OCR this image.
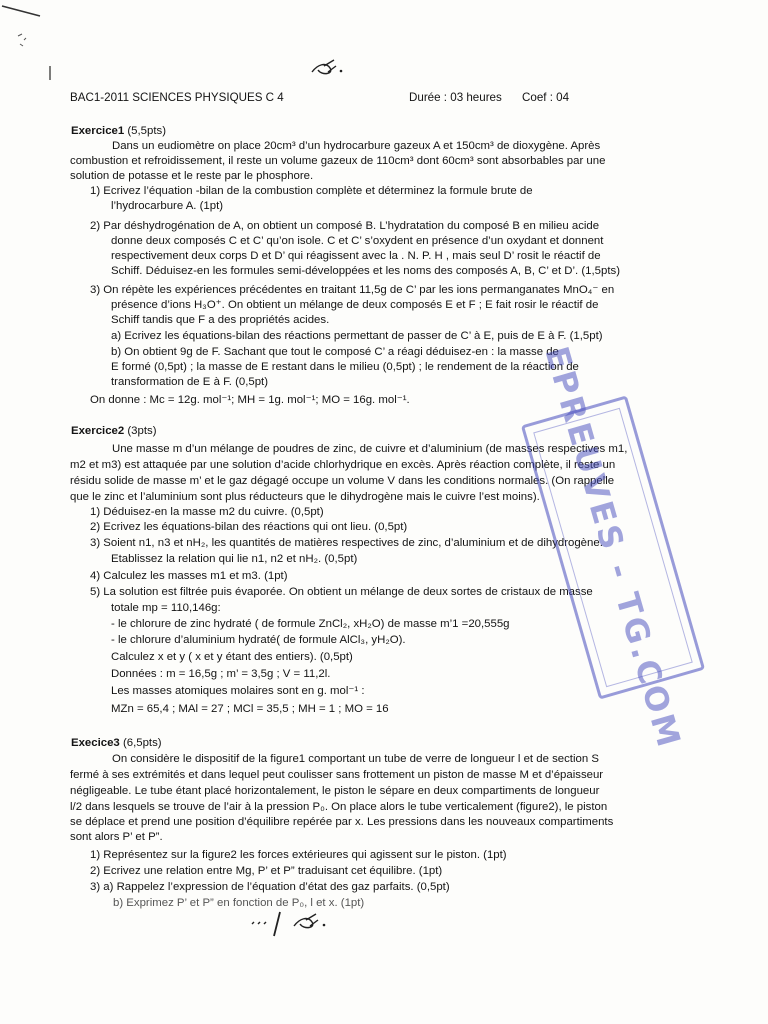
BAC1-2011 SCIENCES PHYSIQUES C 4	Durée : 03 heures Coef : 04
Exercice1 (5,5pts)
Dans un eudiomètre on place 20cm³ d’un hydrocarbure gazeux A et 150cm³ de dioxygène. Après
combustion et refroidissement, il reste un volume gazeux de 110cm³ dont 60cm³ sont absorbables par une
solution de potasse et le reste par le phosphore.
1) Ecrivez l’équation -bilan de la combustion complète et déterminez la formule brute de
l’hydrocarbure A. (1pt)
2) Par déshydrogénation de A, on obtient un composé B. L’hydratation du composé B en milieu acide
donne deux composés C et C’ qu’on isole. C et C’ s’oxydent en présence d’un oxydant et donnent
respectivement deux corps D et D’ qui réagissent avec la . N. P. H , mais seul D’ rosit le réactif de
Schiff. Déduisez-en les formules semi-développées et les noms des composés A, B, C’ et D’. (1,5pts)
3) On répète les expériences précédentes en traitant 11,5g de C’ par les ions permanganates MnO₄⁻ en
présence d’ions H₃O⁺. On obtient un mélange de deux composés E et F ; E fait rosir le réactif de
Schiff tandis que F a des propriétés acides.
a) Ecrivez les équations-bilan des réactions permettant de passer de C’ à E, puis de E à F. (1,5pt)
b) On obtient 9g de F. Sachant que tout le composé C’ a réagi déduisez-en : la masse de
E formé (0,5pt) ; la masse de E restant dans le milieu (0,5pt) ; le rendement de la réaction de
transformation de E à F. (0,5pt)
On donne : Mc = 12g. mol⁻¹; MH = 1g. mol⁻¹; MO = 16g. mol⁻¹.
Exercice2 (3pts)
Une masse m d’un mélange de poudres de zinc, de cuivre et d’aluminium (de masses respectives m1,
m2 et m3) est attaquée par une solution d’acide chlorhydrique en excès. Après réaction complète, il reste un
résidu solide de masse m’ et le gaz dégagé occupe un volume V dans les conditions normales. (On rappelle
que le zinc et l’aluminium sont plus réducteurs que le dihydrogène mais le cuivre l’est moins).
1) Déduisez-en la masse m2 du cuivre. (0,5pt)
2) Ecrivez les équations-bilan des réactions qui ont lieu. (0,5pt)
3) Soient n1, n3 et nH₂, les quantités de matières respectives de zinc, d’aluminium et de dihydrogène.
Etablissez la relation qui lie n1, n2 et nH₂. (0,5pt)
4) Calculez les masses m1 et m3. (1pt)
5) La solution est filtrée puis évaporée. On obtient un mélange de deux sortes de cristaux de masse
totale mp = 110,146g:
- le chlorure de zinc hydraté ( de formule ZnCl₂, xH₂O) de masse m’1 =20,555g
- le chlorure d’aluminium hydraté( de formule AlCl₃, yH₂O).
Calculez x et y ( x et y étant des entiers). (0,5pt)
Données : m = 16,5g ; m’ = 3,5g ; V = 11,2l.
Les masses atomiques molaires sont en g. mol⁻¹ :
MZn = 65,4 ; MAl = 27 ; MCl = 35,5 ; MH = 1 ; MO = 16
Execice3 (6,5pts)
On considère le dispositif de la figure1 comportant un tube de verre de longueur l et de section S
fermé à ses extrémités et dans lequel peut coulisser sans frottement un piston de masse M et d’épaisseur
négligeable. Le tube étant placé horizontalement, le piston le sépare en deux compartiments de longueur
l/2 dans lesquels se trouve de l’air à la pression P₀. On place alors le tube verticalement (figure2), le piston
se déplace et prend une position d’équilibre repérée par x. Les pressions dans les nouveaux compartiments
sont alors P’ et P”.
1) Représentez sur la figure2 les forces extérieures qui agissent sur le piston. (1pt)
2) Ecrivez une relation entre Mg, P’ et P” traduisant cet équilibre. (1pt)
3) a) Rappelez l’expression de l’équation d’état des gaz parfaits. (0,5pt)
b) Exprimez P’ et P” en fonction de P₀, l et x. (1pt)
EPREUVES - TG.COM
